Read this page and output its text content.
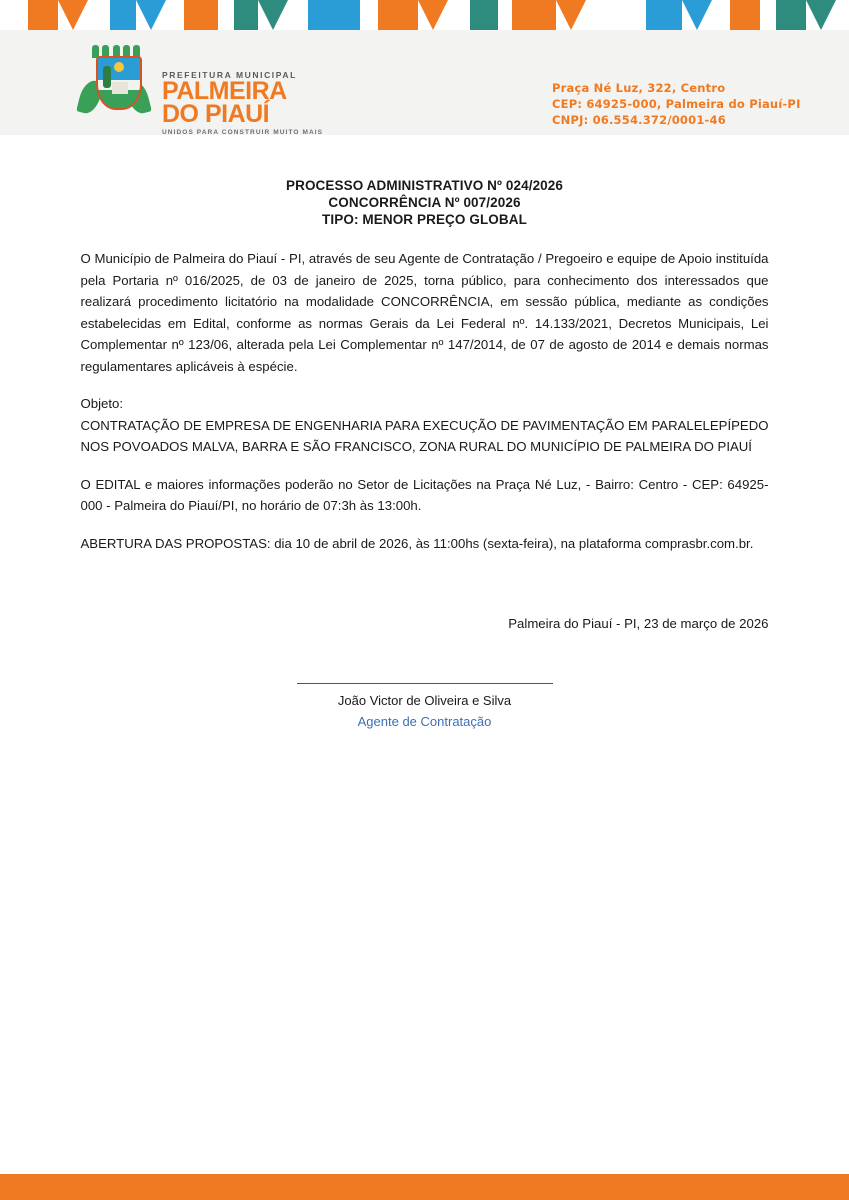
PREFEITURA MUNICIPAL
PALMEIRA
DO PIAUÍ
UNIDOS PARA CONSTRUIR MUITO MAIS
Praça Né Luz, 322, Centro
CEP: 64925-000, Palmeira do Piauí-PI
CNPJ: 06.554.372/0001-46
PROCESSO ADMINISTRATIVO Nº 024/2026
CONCORRÊNCIA Nº 007/2026
TIPO: MENOR PREÇO GLOBAL

O Município de Palmeira do Piauí - PI, através de seu Agente de Contratação / Pregoeiro e equipe de Apoio instituída pela Portaria nº 016/2025, de 03 de janeiro de 2025, torna público, para conhecimento dos interessados que realizará procedimento licitatório na modalidade CONCORRÊNCIA, em sessão pública, mediante as condições estabelecidas em Edital, conforme as normas Gerais da Lei Federal nº. 14.133/2021, Decretos Municipais, Lei Complementar nº 123/06, alterada pela Lei Complementar nº 147/2014, de 07 de agosto de 2014 e demais normas regulamentares aplicáveis à espécie.

Objeto:

CONTRATAÇÃO DE EMPRESA DE ENGENHARIA PARA EXECUÇÃO DE PAVIMENTAÇÃO EM PARALELEPÍPEDO NOS POVOADOS MALVA, BARRA E SÃO FRANCISCO, ZONA RURAL DO MUNICÍPIO DE PALMEIRA DO PIAUÍ

O EDITAL e maiores informações poderão no Setor de Licitações na Praça Né Luz, - Bairro: Centro - CEP: 64925-000 - Palmeira do Piauí/PI, no horário de 07:3h às 13:00h.

ABERTURA DAS PROPOSTAS: dia 10 de abril de 2026, às 11:00hs (sexta-feira), na plataforma comprasbr.com.br.

Palmeira do Piauí - PI, 23 de março de 2026
João Victor de Oliveira e Silva
Agente de Contratação
